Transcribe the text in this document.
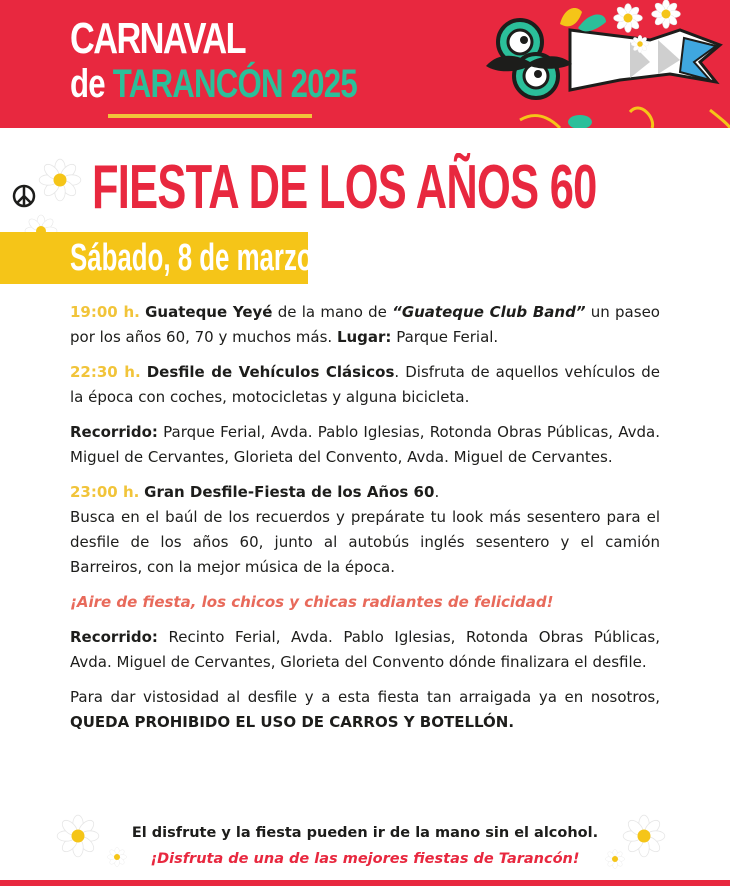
CARNAVAL
de TARANCÓN 2025
FIESTA DE LOS AÑOS 60
Sábado, 8 de marzo

19:00 h. Guateque Yeyé de la mano de “Guateque Club Band” un paseo por los años 60, 70 y muchos más. Lugar: Parque Ferial.

22:30 h. Desfile de Vehículos Clásicos. Disfruta de aquellos vehículos de la época con coches, motocicletas y alguna bicicleta.

Recorrido: Parque Ferial, Avda. Pablo Iglesias, Rotonda Obras Públicas, Avda. Miguel de Cervantes, Glorieta del Convento, Avda. Miguel de Cervantes.

23:00 h. Gran Desfile-Fiesta de los Años 60.
Busca en el baúl de los recuerdos y prepárate tu look más sesentero para el desfile de los años 60, junto al autobús inglés sesentero y el camión Barreiros, con la mejor música de la época.

¡Aire de fiesta, los chicos y chicas radiantes de felicidad!

Recorrido: Recinto Ferial, Avda. Pablo Iglesias, Rotonda Obras Públicas, Avda. Miguel de Cervantes, Glorieta del Convento dónde finalizara el desfile.

Para dar vistosidad al desfile y a esta fiesta tan arraigada ya en nosotros, QUEDA PROHIBIDO EL USO DE CARROS Y BOTELLÓN.

El disfrute y la fiesta pueden ir de la mano sin el alcohol.
¡Disfruta de una de las mejores fiestas de Tarancón!
